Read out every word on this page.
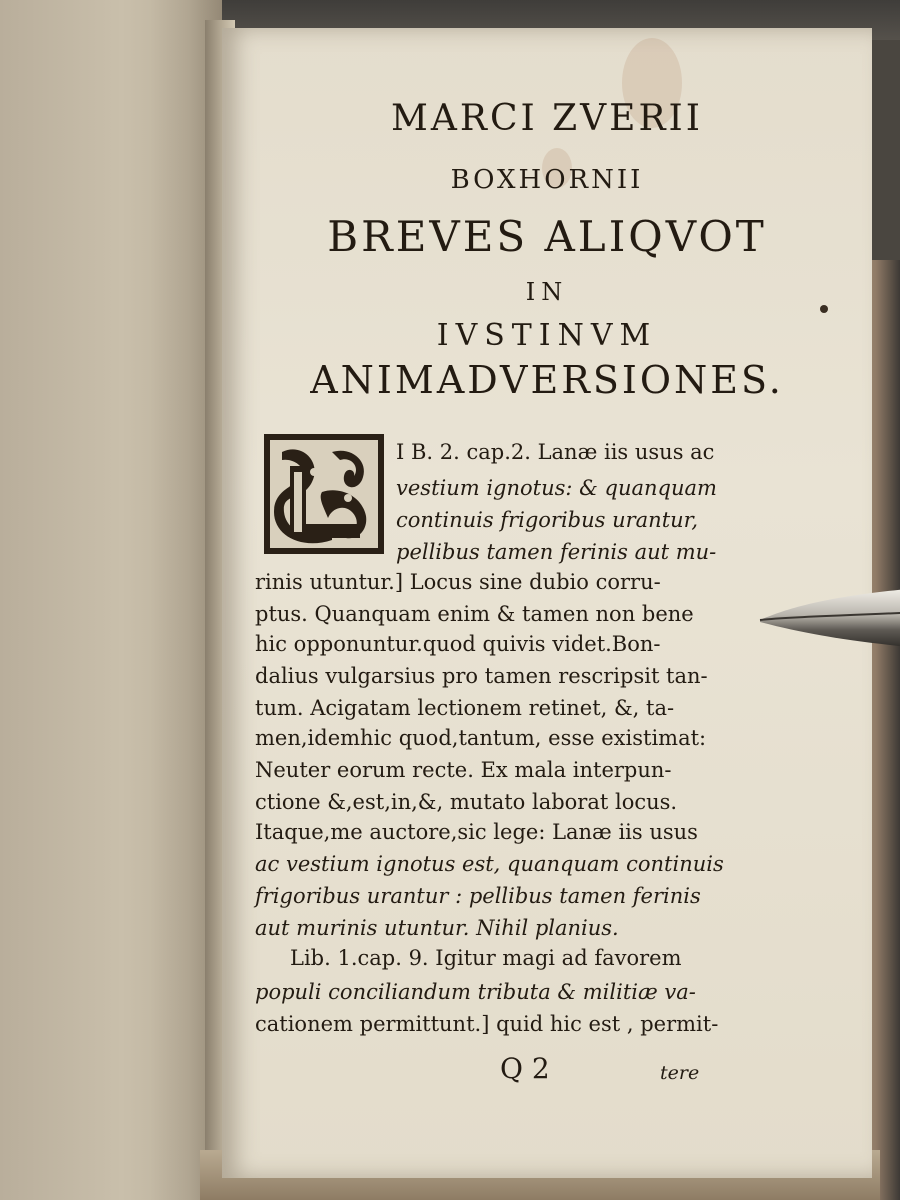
MARCI ZVERII
BOXHORNII
BREVES ALIQVOT
IN
IVSTINVM
ANIMADVERSIONES.
I B. 2. cap.2. Lanæ iis usus ac
vestium ignotus: & quanquam
continuis frigoribus urantur,
pellibus tamen ferinis aut mu-
rinis utuntur.] Locus sine dubio corru-
ptus. Quanquam enim & tamen non bene
hic opponuntur.quod quivis videt.Bon-
dalius vulgarsius pro tamen rescripsit tan-
tum. Acigatam lectionem retinet, &, ta-
men,idemhic quod,tantum, esse existimat:
Neuter eorum recte. Ex mala interpun-
ctione &,est,in,&, mutato laborat locus.
Itaque,me auctore,sic lege: Lanæ iis usus
ac vestium ignotus est, quanquam continuis
frigoribus urantur : pellibus tamen ferinis
aut murinis utuntur. Nihil planius.
Lib. 1.cap. 9. Igitur magi ad favorem
populi conciliandum tributa & militiæ va-
cationem permittunt.] quid hic est , permit-
Q 2	tere
